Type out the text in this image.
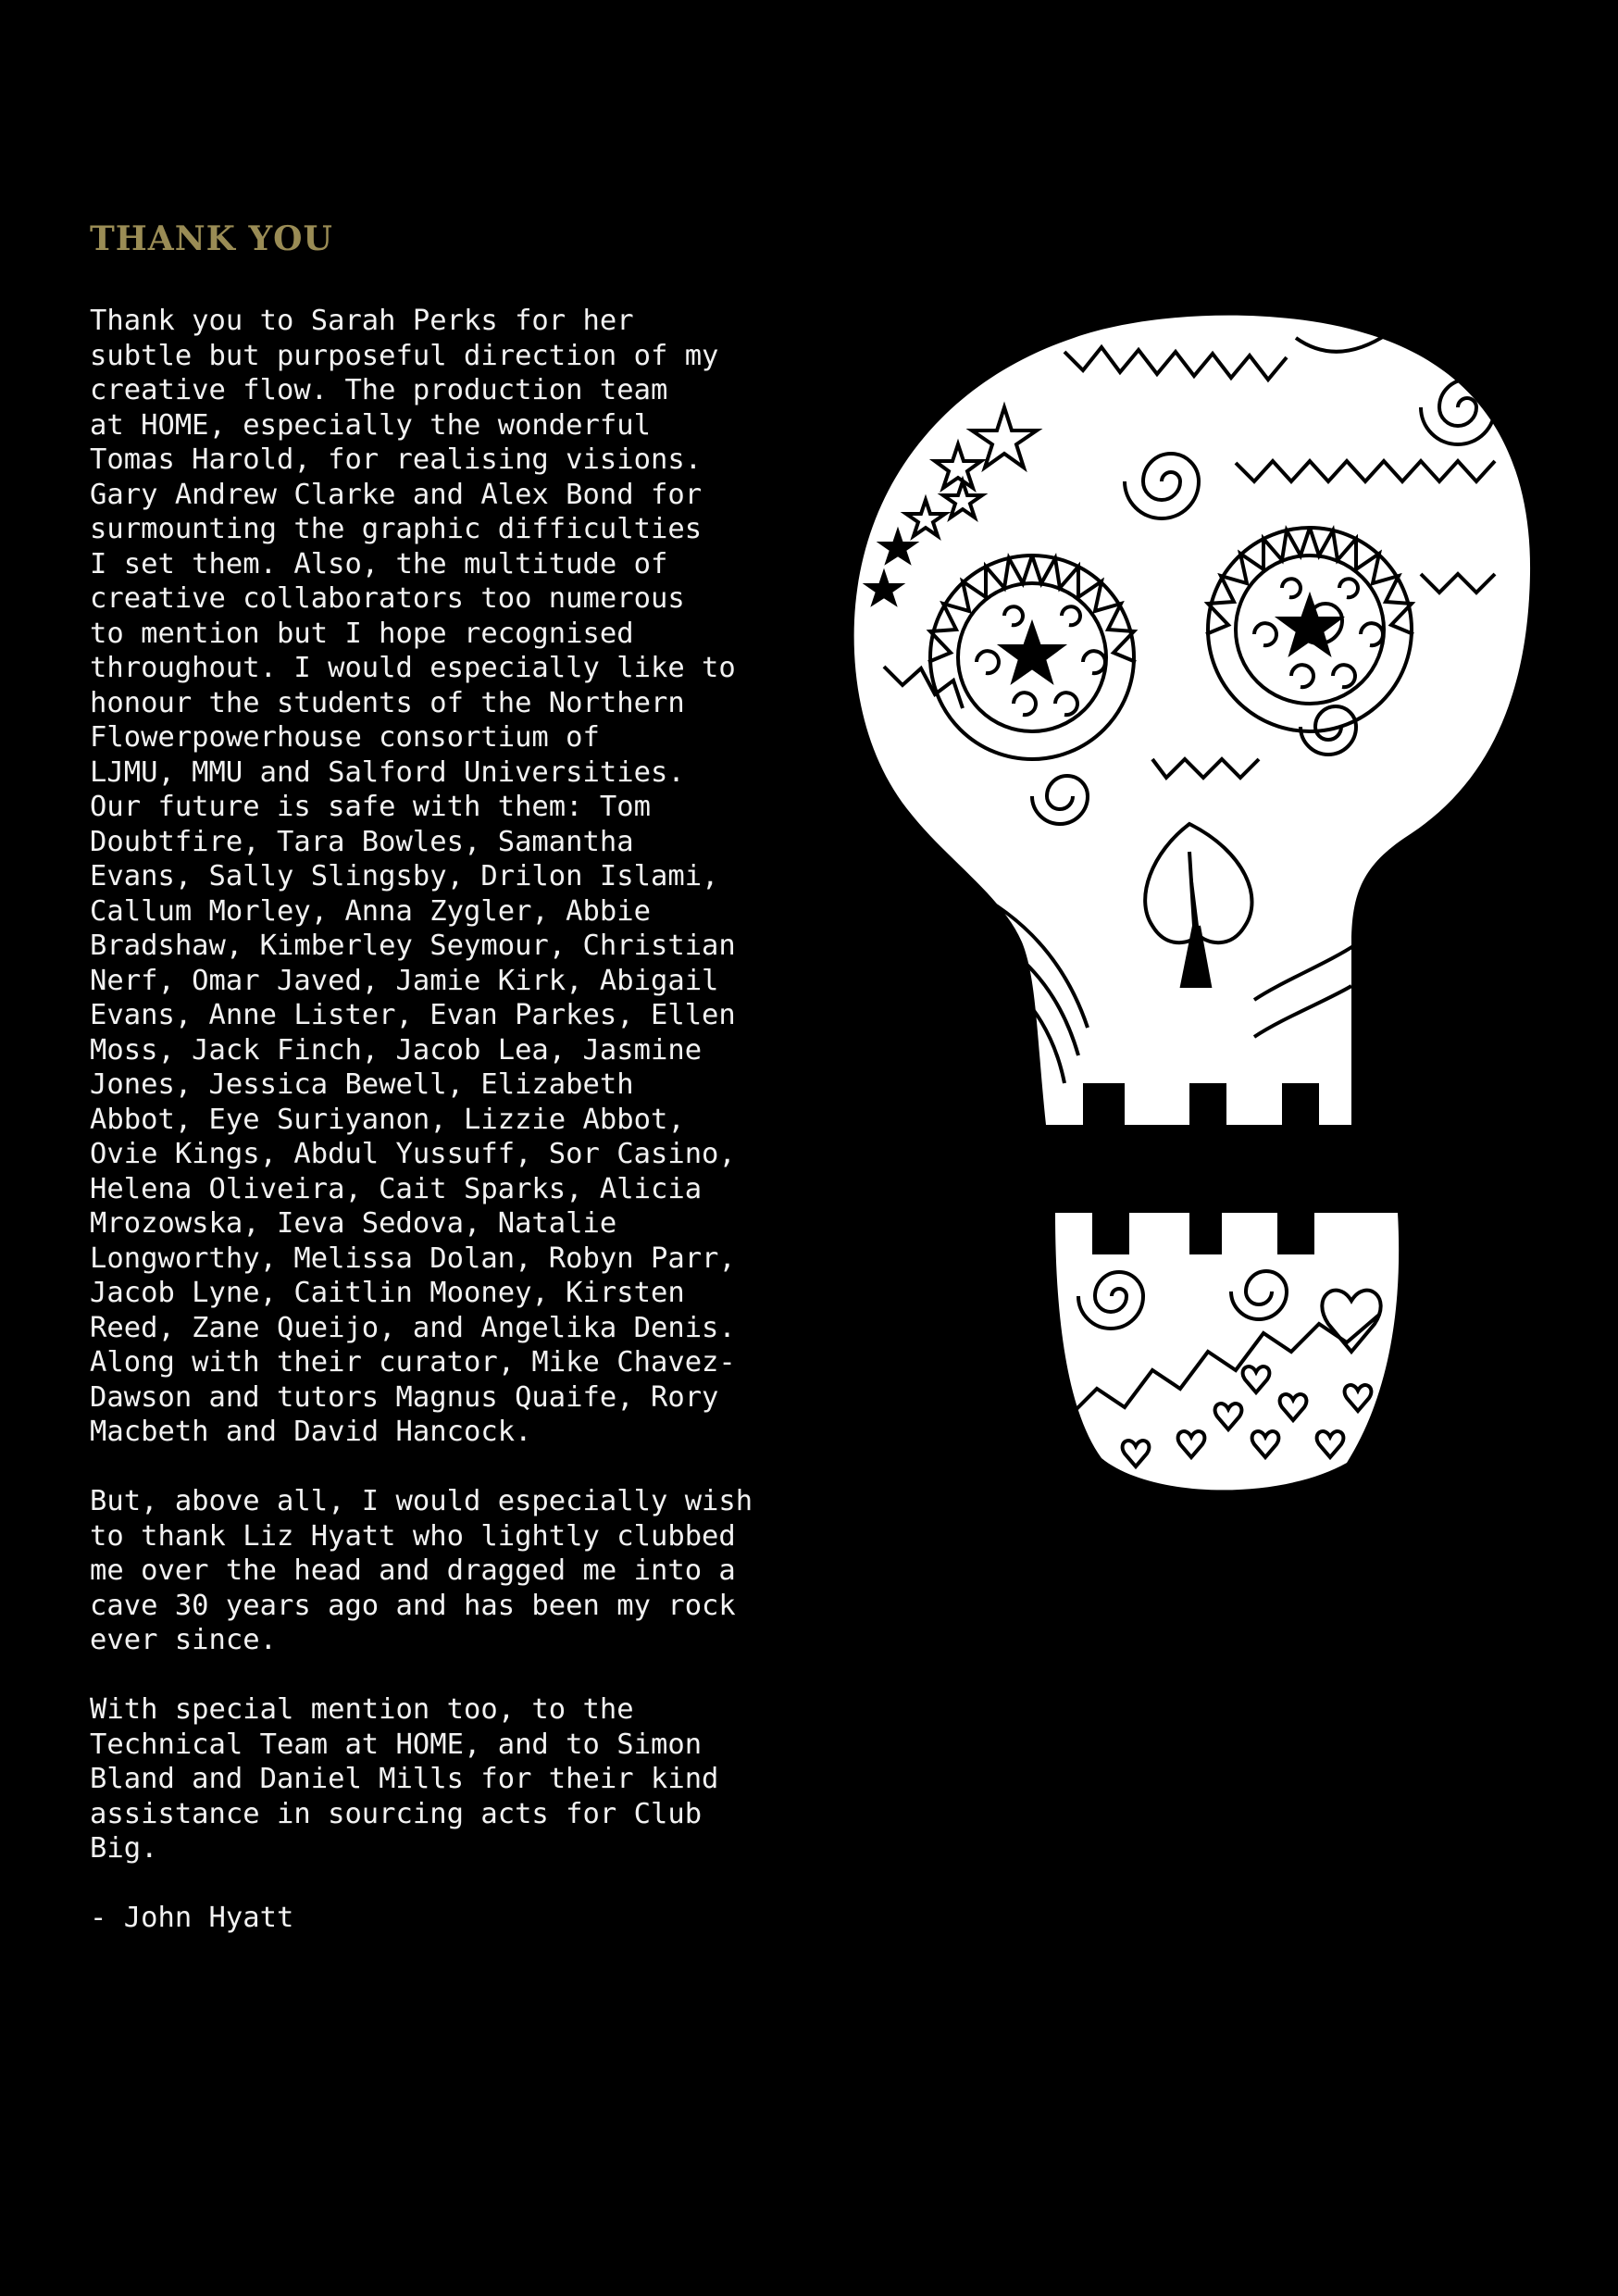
THANK YOU

Thank you to Sarah Perks for her
subtle but purposeful direction of my
creative flow. The production team
at HOME, especially the wonderful
Tomas Harold, for realising visions.
Gary Andrew Clarke and Alex Bond for
surmounting the graphic difficulties
I set them. Also, the multitude of
creative collaborators too numerous
to mention but I hope recognised
throughout. I would especially like to
honour the students of the Northern
Flowerpowerhouse consortium of
LJMU, MMU and Salford Universities.
Our future is safe with them: Tom
Doubtfire, Tara Bowles, Samantha
Evans, Sally Slingsby, Drilon Islami,
Callum Morley, Anna Zygler, Abbie
Bradshaw, Kimberley Seymour, Christian
Nerf, Omar Javed, Jamie Kirk, Abigail
Evans, Anne Lister, Evan Parkes, Ellen
Moss, Jack Finch, Jacob Lea, Jasmine
Jones, Jessica Bewell, Elizabeth
Abbot, Eye Suriyanon, Lizzie Abbot,
Ovie Kings, Abdul Yussuff, Sor Casino,
Helena Oliveira, Cait Sparks, Alicia
Mrozowska, Ieva Sedova, Natalie
Longworthy, Melissa Dolan, Robyn Parr,
Jacob Lyne, Caitlin Mooney, Kirsten
Reed, Zane Queijo, and Angelika Denis.
Along with their curator, Mike Chavez-
Dawson and tutors Magnus Quaife, Rory
Macbeth and David Hancock.

But, above all, I would especially wish
to thank Liz Hyatt who lightly clubbed
me over the head and dragged me into a
cave 30 years ago and has been my rock
ever since.

With special mention too, to the
Technical Team at HOME, and to Simon
Bland and Daniel Mills for their kind
assistance in sourcing acts for Club
Big.

- John Hyatt
